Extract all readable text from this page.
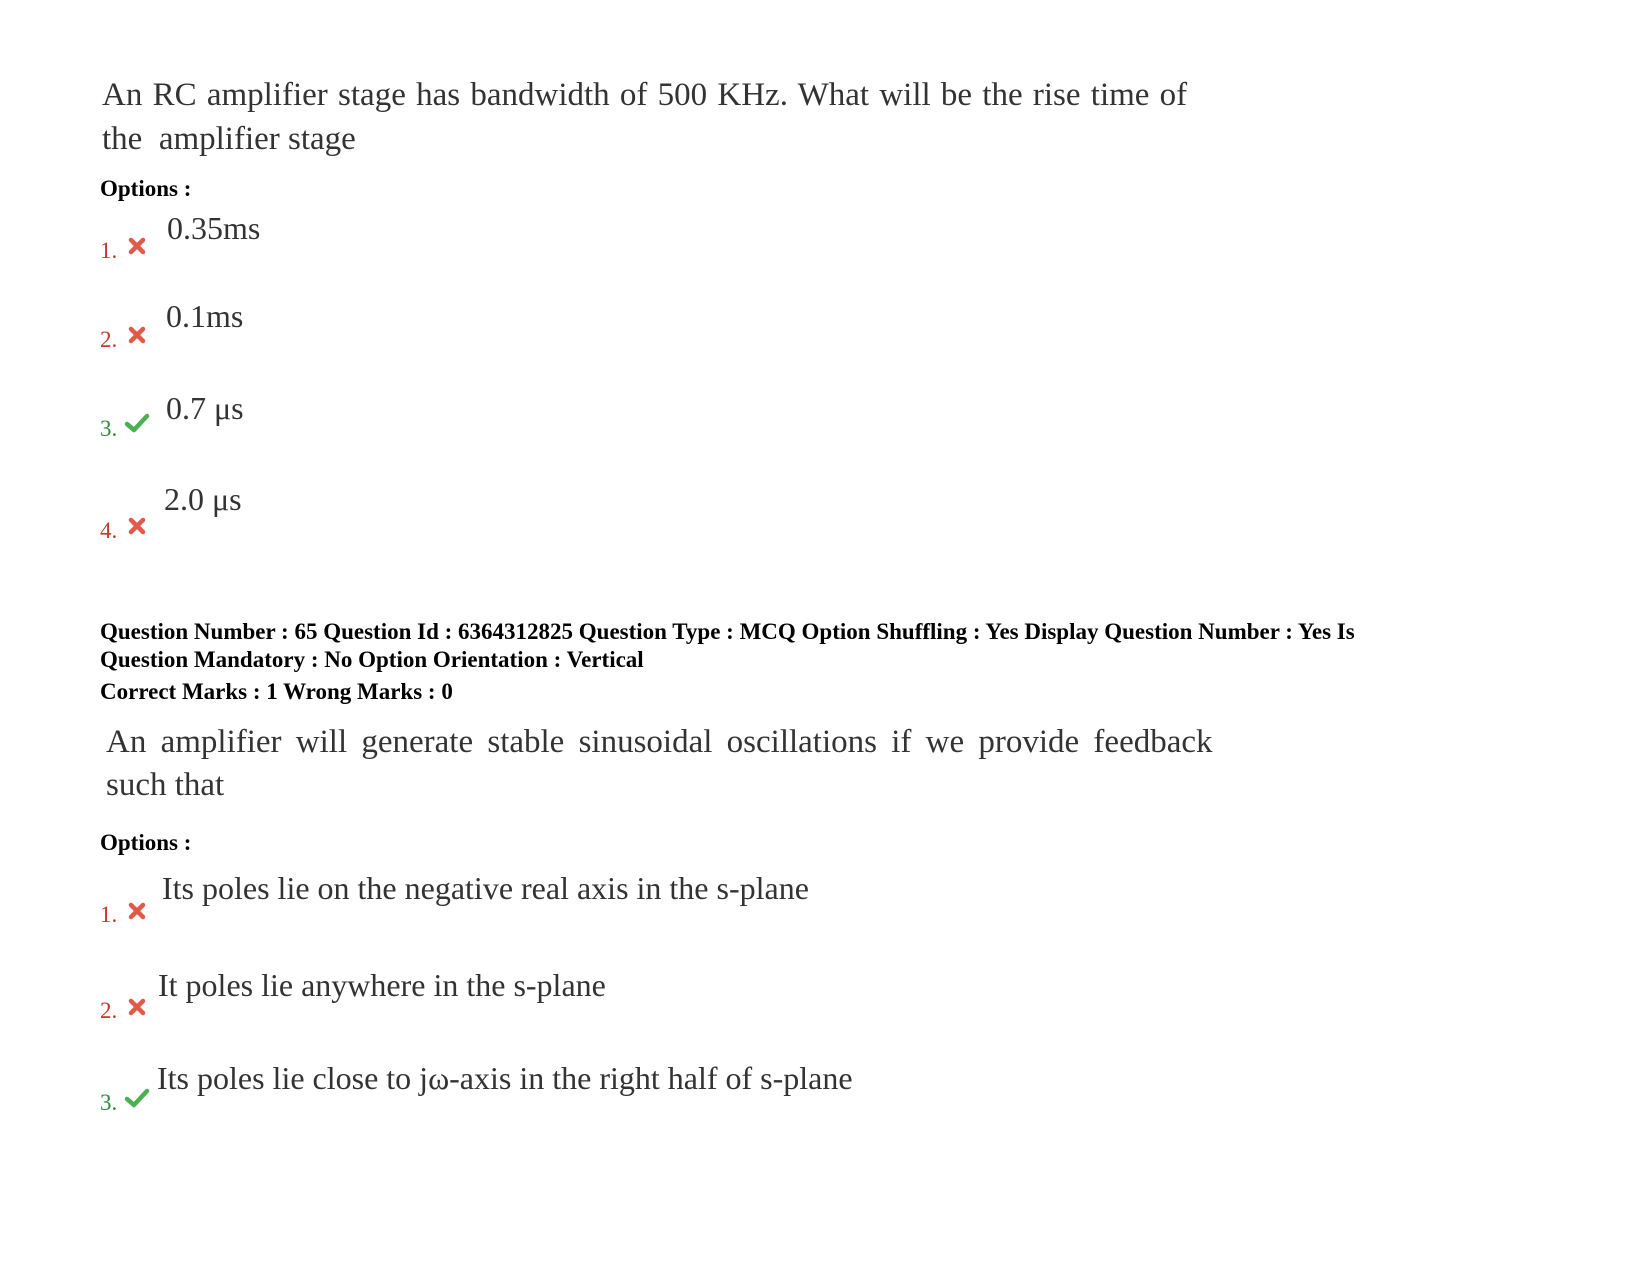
An RC amplifier stage has bandwidth of 500 KHz. What will be the rise time of
the  amplifier stage
Options :
1.
0.35ms
2.
0.1ms
3.
0.7 μs
4.
2.0 μs
Question Number : 65 Question Id : 6364312825 Question Type : MCQ Option Shuffling : Yes Display Question Number : Yes Is
Question Mandatory : No Option Orientation : Vertical
Correct Marks : 1 Wrong Marks : 0
An amplifier will generate stable sinusoidal oscillations if we provide feedback
such that
Options :
1.
Its poles lie on the negative real axis in the s-plane
2.
It poles lie anywhere in the s-plane
3.
Its poles lie close to jω-axis in the right half of s-plane
